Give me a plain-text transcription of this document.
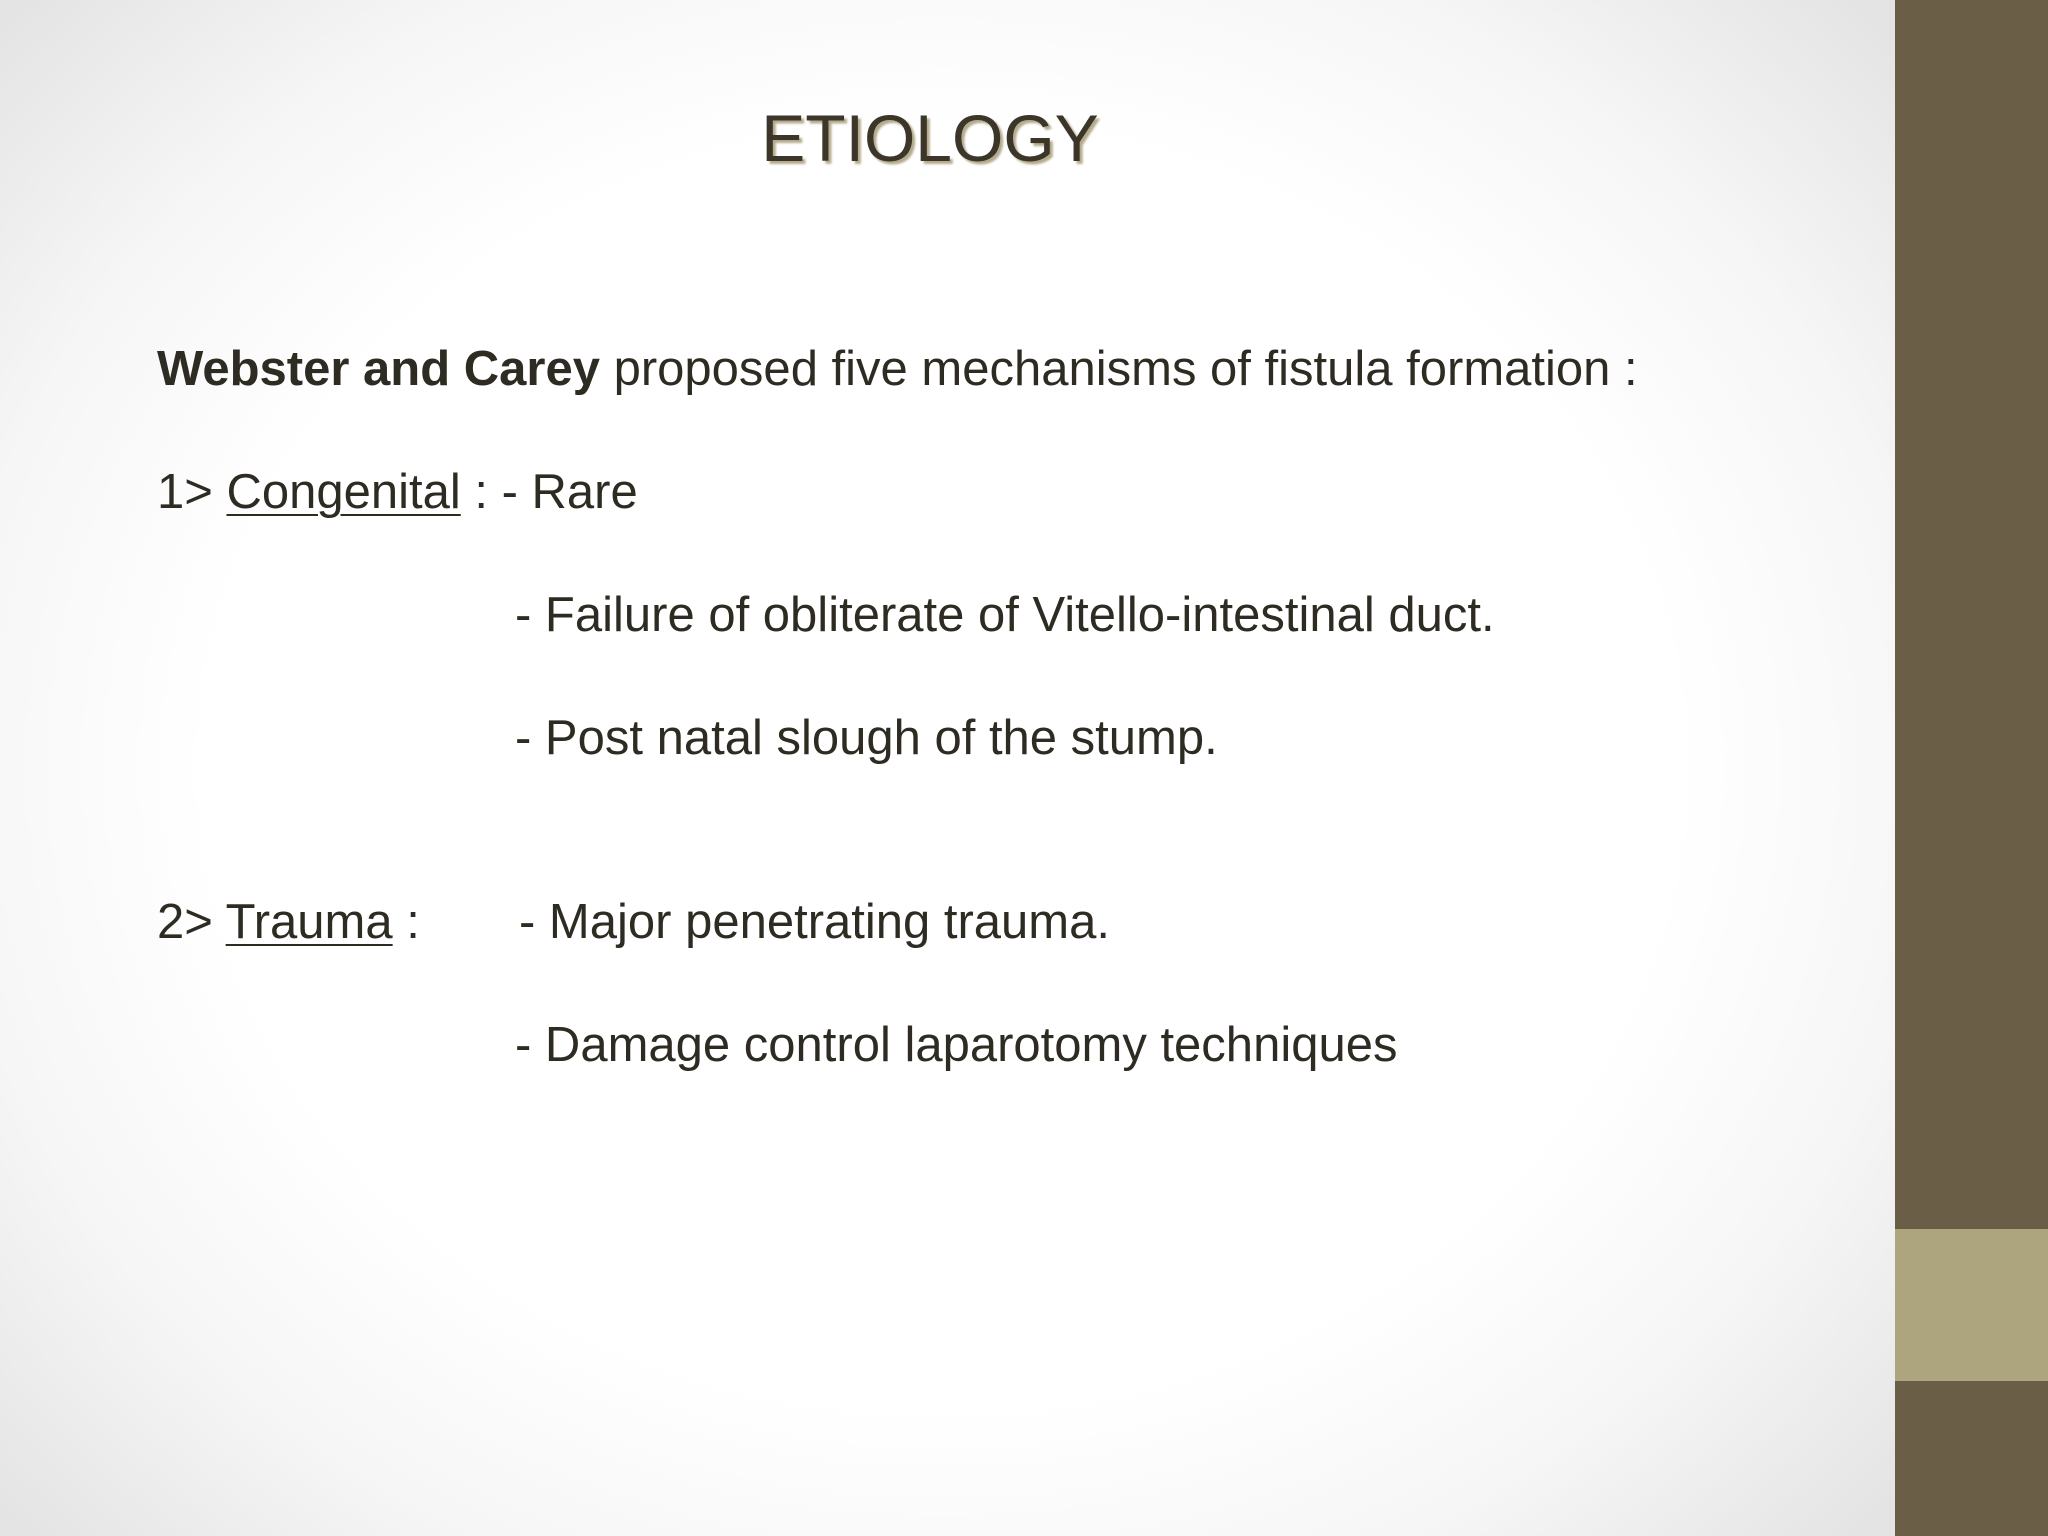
ETIOLOGY
Webster and Carey proposed five mechanisms of fistula formation :
1> Congenital : - Rare
- Failure of obliterate of Vitello-intestinal duct.
- Post natal slough of the stump.
2> Trauma : - Major penetrating trauma.
- Damage control laparotomy techniques
